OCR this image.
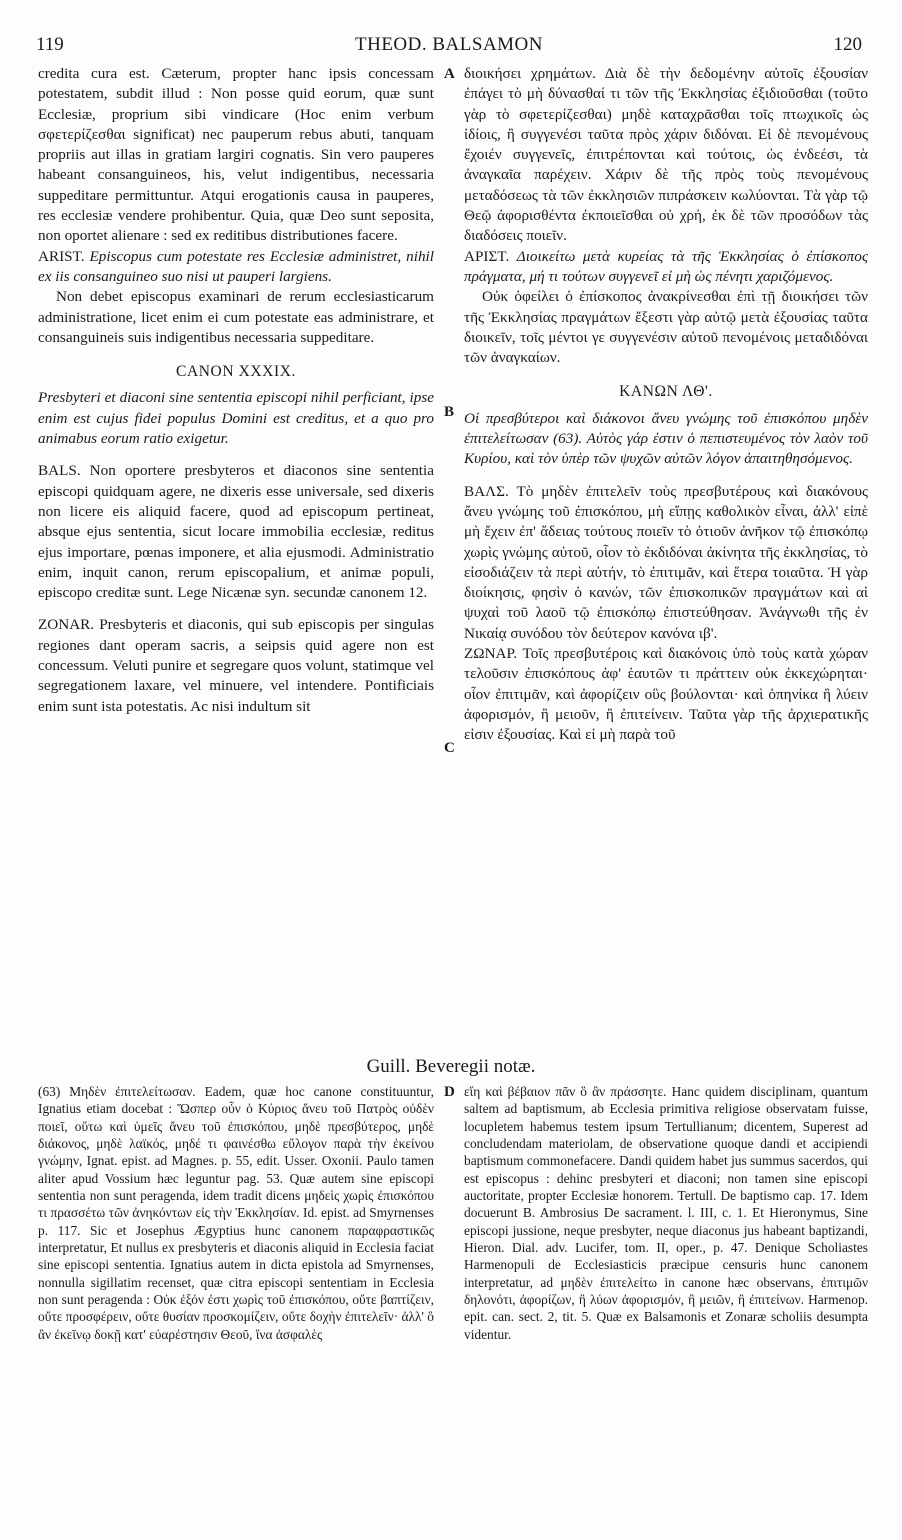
119	THEOD. BALSAMON	120
A
B
C
D

credita cura est. Cæterum, propter hanc ipsis concessam potestatem, subdit illud : Non posse quid eorum, quæ sunt Ecclesiæ, proprium sibi vindicare (Hoc enim verbum σφετερίζεσθαι significat) nec pauperum rebus abuti, tanquam propriis aut illas in gratiam largiri cognatis. Sin vero pauperes habeant consanguineos, his, velut indigentibus, necessaria suppeditare permittuntur. Atqui erogationis causa in pauperes, res ecclesiæ vendere prohibentur. Quia, quæ Deo sunt seposita, non oportet alienare : sed ex reditibus distributiones facere.

ARIST. Episcopus cum potestate res Ecclesiæ administret, nihil ex iis consanguineo suo nisi ut pauperi largiens.

Non debet episcopus examinari de rerum ecclesiasticarum administratione, licet enim ei cum potestate eas administrare, et consanguineis suis indigentibus necessaria suppeditare.

CANON XXXIX.

Presbyteri et diaconi sine sententia episcopi nihil perficiant, ipse enim est cujus fidei populus Domini est creditus, et a quo pro animabus eorum ratio exigetur.

BALS. Non oportere presbyteros et diaconos sine sententia episcopi quidquam agere, ne dixeris esse universale, sed dixeris non licere eis aliquid facere, quod ad episcopum pertineat, absque ejus sententia, sicut locare immobilia ecclesiæ, reditus ejus importare, pœnas imponere, et alia ejusmodi. Administratio enim, inquit canon, rerum episcopalium, et animæ populi, episcopo creditæ sunt. Lege Nicænæ syn. secundæ canonem 12.

ZONAR. Presbyteris et diaconis, qui sub episcopis per singulas regiones dant operam sacris, a seipsis quid agere non est concessum. Veluti punire et segregare quos volunt, statimque vel segregationem laxare, vel minuere, vel intendere. Pontificiais enim sunt ista potestatis. Ac nisi indultum sit

διοικήσει χρημάτων. Διὰ δὲ τὴν δεδομένην αὐτοῖς ἐξουσίαν ἐπάγει τὸ μὴ δύνασθαί τι τῶν τῆς Ἐκκλησίας ἐξιδιοῦσθαι (τοῦτο γὰρ τὸ σφετερίζεσθαι) μηδὲ καταχρᾶσθαι τοῖς πτωχικοῖς ὡς ἰδίοις, ἢ συγγενέσι ταῦτα πρὸς χάριν διδόναι. Εἰ δὲ πενομένους ἔχοιέν συγγενεῖς, ἐπιτρέπονται καὶ τούτοις, ὡς ἐνδεέσι, τὰ ἀναγκαῖα παρέχειν. Χάριν δὲ τῆς πρὸς τοὺς πενομένους μεταδόσεως τὰ τῶν ἐκκλησιῶν πιπράσκειν κωλύονται. Τὰ γὰρ τῷ Θεῷ ἀφορισθέντα ἐκποιεῖσθαι οὐ χρή, ἐκ δὲ τῶν προσόδων τὰς διαδόσεις ποιεῖν.

ΑΡΙΣΤ. Διοικείτω μετὰ κυρείας τὰ τῆς Ἐκκλησίας ὁ ἐπίσκοπος πράγματα, μή τι τούτων συγγενεῖ εἰ μὴ ὡς πένητι χαριζόμενος.

Οὐκ ὀφείλει ὁ ἐπίσκοπος ἀνακρίνεσθαι ἐπὶ τῇ διοικήσει τῶν τῆς Ἐκκλησίας πραγμάτων ἔξεστι γὰρ αὐτῷ μετὰ ἐξουσίας ταῦτα διοικεῖν, τοῖς μέντοι γε συγγενέσιν αὐτοῦ πενομένοις μεταδιδόναι τῶν ἀναγκαίων.

ΚΑΝΩΝ ΛΘ'.

Οἱ πρεσβύτεροι καὶ διάκονοι ἄνευ γνώμης τοῦ ἐπισκόπου μηδὲν ἐπιτελείτωσαν (63). Αὐτὸς γάρ ἐστιν ὁ πεπιστευμένος τὸν λαὸν τοῦ Κυρίου, καὶ τὸν ὑπὲρ τῶν ψυχῶν αὐτῶν λόγον ἀπαιτηθησόμενος.

ΒΑΛΣ. Τὸ μηδὲν ἐπιτελεῖν τοὺς πρεσβυτέρους καὶ διακόνους ἄνευ γνώμης τοῦ ἐπισκόπου, μὴ εἴπῃς καθολικὸν εἶναι, ἀλλ' εἰπὲ μὴ ἔχειν ἐπ' ἄδειας τούτους ποιεῖν τὸ ὁτιοῦν ἀνῆκον τῷ ἐπισκόπῳ χωρὶς γνώμης αὐτοῦ, οἷον τὸ ἐκδιδόναι ἀκίνητα τῆς ἐκκλησίας, τὸ εἰσοδιάζειν τὰ περὶ αὐτήν, τὸ ἐπιτιμᾶν, καὶ ἕτερα τοιαῦτα. Ἡ γὰρ διοίκησις, φησὶν ὁ κανών, τῶν ἐπισκοπικῶν πραγμάτων καὶ αἱ ψυχαὶ τοῦ λαοῦ τῷ ἐπισκόπῳ ἐπιστεύθησαν. Ἀνάγνωθι τῆς ἐν Νικαίᾳ συνόδου τὸν δεύτερον κανόνα ιβ'.

ΖΩΝΑΡ. Τοῖς πρεσβυτέροις καὶ διακόνοις ὑπὸ τοὺς κατὰ χώραν τελοῦσιν ἐπισκόπους ἀφ' ἑαυτῶν τι πράττειν οὐκ ἐκκεχώρηται· οἷον ἐπιτιμᾶν, καὶ ἀφορίζειν οὓς βούλονται· καὶ ὁπηνίκα ἢ λύειν ἀφορισμόν, ἢ μειοῦν, ἢ ἐπιτείνειν. Ταῦτα γὰρ τῆς ἀρχιερατικῆς εἰσιν ἐξουσίας. Καὶ εἰ μὴ παρὰ τοῦ

Guill. Beveregii notæ.
(63) Μηδὲν ἐπιτελείτωσαν. Eadem, quæ hoc canone constituuntur, Ignatius etiam docebat : Ὥσπερ οὖν ὁ Κύριος ἄνευ τοῦ Πατρὸς οὐδὲν ποιεῖ, οὕτω καὶ ὑμεῖς ἄνευ τοῦ ἐπισκόπου, μηδὲ πρεσβύτερος, μηδὲ διάκονος, μηδὲ λαϊκός, μηδέ τι φαινέσθω εὔλογον παρὰ τὴν ἐκείνου γνώμην, Ignat. epist. ad Magnes. p. 55, edit. Usser. Oxonii. Paulo tamen aliter apud Vossium hæc leguntur pag. 53. Quæ autem sine episcopi sententia non sunt peragenda, idem tradit dicens μηδεὶς χωρὶς ἐπισκόπου τι πρασσέτω τῶν ἀνηκόντων εἰς τὴν Ἐκκλησίαν. Id. epist. ad Smyrnenses p. 117. Sic et Josephus Ægyptius hunc canonem παραφραστικῶς interpretatur, Et nullus ex presbyteris et diaconis aliquid in Ecclesia faciat sine episcopi sententia. Ignatius autem in dicta epistola ad Smyrnenses, nonnulla sigillatim recenset, quæ citra episcopi sententiam in Ecclesia non sunt peragenda : Οὐκ ἐξόν ἐστι χωρὶς τοῦ ἐπισκόπου, οὔτε βαπτίζειν, οὔτε προσφέρειν, οὔτε θυσίαν προσκομίζειν, οὔτε δοχὴν ἐπιτελεῖν· ἀλλ' ὃ ἂν ἐκεῖνῳ δοκῇ κατ' εὐαρέστησιν Θεοῦ, ἵνα ἀσφαλὲς
εἴη καὶ βέβαιον πᾶν ὃ ἂν πράσσητε. Hanc quidem disciplinam, quantum saltem ad baptismum, ab Ecclesia primitiva religiose observatam fuisse, locupletem habemus testem ipsum Tertullianum; dicentem, Superest ad concludendam materiolam, de observatione quoque dandi et accipiendi baptismum commonefacere. Dandi quidem habet jus summus sacerdos, qui est episcopus : dehinc presbyteri et diaconi; non tamen sine episcopi auctoritate, propter Ecclesiæ honorem. Tertull. De baptismo cap. 17. Idem docuerunt B. Ambrosius De sacrament. l. III, c. 1. Et Hieronymus, Sine episcopi jussione, neque presbyter, neque diaconus jus habeant baptizandi, Hieron. Dial. adv. Lucifer, tom. II, oper., p. 47. Denique Scholiastes Harmenopuli de Ecclesiasticis præcipue censuris hunc canonem interpretatur, ad μηδὲν ἐπιτελείτω in canone hæc observans, ἐπιτιμῶν δηλονότι, ἀφορίζων, ἢ λύων ἀφορισμόν, ἢ μειῶν, ἢ ἐπιτείνων. Harmenop. epit. can. sect. 2, tit. 5. Quæ ex Balsamonis et Zonaræ scholiis desumpta videntur.
